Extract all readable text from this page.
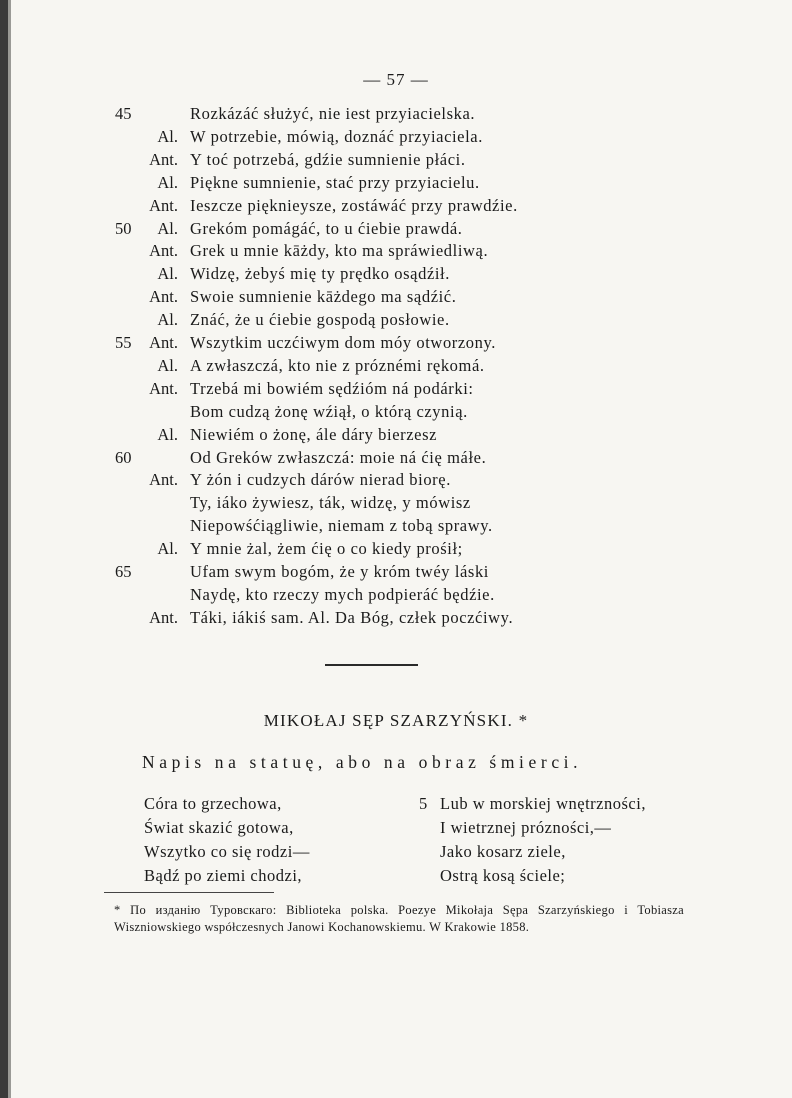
— 57 —
45	Rozkázáć służyć, nie iest przyiacielska.
Al. W potrzebie, mówią, doznáć przyiaciela.
Ant. Y toć potrzebá, gdźie sumnienie płáci.
Al. Piękne sumnienie, stać przy przyiacielu.
Ant. Ieszcze pięknieysze, zostáwáć przy prawdźie.
50	Al. Grekóm pomágáć, to u ćiebie prawdá.
Ant. Grek u mnie kāżdy, kto ma spráwiedliwą.
Al. Widzę, żebyś mię ty prędko osądźił.
Ant. Swoie sumnienie kāżdego ma sądźić.
Al. Znáć, że u ćiebie gospodą posłowie.
55	Ant. Wszytkim uczćiwym dom móy otworzony.
Al. A zwłaszczá, kto nie z próznémi rękomá.
Ant. Trzebá mi bowiém sędźióm ná podárki:
Bom cudzą żonę wźiął, o którą czynią.
Al. Niewiém o żonę, ále dáry bierzesz
60	Od Greków zwłaszczá: moie ná ćię máłe.
Ant. Y żón i cudzych dárów nierad biorę.
Ty, iáko żywiesz, ták, widzę, y mówisz
Niepowśćiągliwie, niemam z tobą sprawy.
Al. Y mnie żal, żem ćię o co kiedy prośił;
65	Ufam swym bogóm, że y króm twéy láski
Naydę, kto rzeczy mych podpieráć będźie.
Ant. Táki, iákiś sam. Al. Da Bóg, człek poczćiwy.
MIKOŁAJ SĘP SZARZYŃSKI. *
Napis na statuę, abo na obraz śmierci.
Córa to grzechowa,
Świat skazić gotowa,
Wszytko co się rodzi—
Bądź po ziemi chodzi,
5 Lub w morskiej wnętrzności,
I wietrznej prózności,—
Jako kosarz ziele,
Ostrą kosą ściele;
* По изданію Туровскаго: Biblioteka polska. Poezye Mikołaja Sępa Szarzyńskiego i Tobiasza Wiszniowskiego współczesnych Janowi Kochanowskiemu. W Krakowie 1858.
